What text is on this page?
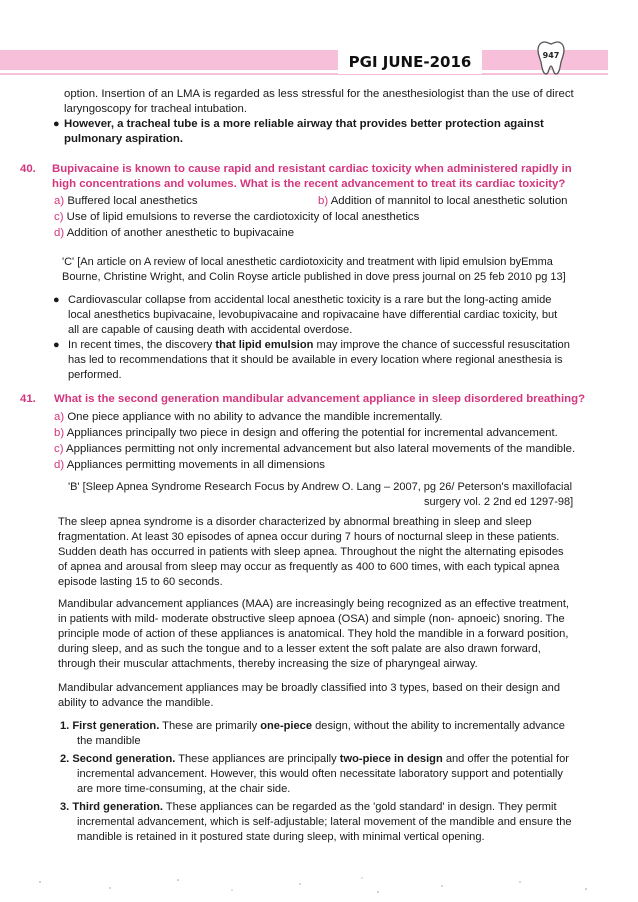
PGI JUNE-2016	947
option. Insertion of an LMA is regarded as less stressful for the anesthesiologist than the use of direct
laryngoscopy for tracheal intubation.
● However, a tracheal tube is a more reliable airway that provides better protection against
pulmonary aspiration.
40. Bupivacaine is known to cause rapid and resistant cardiac toxicity when administered rapidly in
high concentrations and volumes. What is the recent advancement to treat its cardiac toxicity?
a) Buffered local anesthetics	b) Addition of mannitol to local anesthetic solution
c) Use of lipid emulsions to reverse the cardiotoxicity of local anesthetics
d) Addition of another anesthetic to bupivacaine
'C' [An article on A review of local anesthetic cardiotoxicity and treatment with lipid emulsion byEmma
Bourne, Christine Wright, and Colin Royse article published in dove press journal on 25 feb 2010 pg 13]
● Cardiovascular collapse from accidental local anesthetic toxicity is a rare but the long-acting amide
local anesthetics bupivacaine, levobupivacaine and ropivacaine have differential cardiac toxicity, but
all are capable of causing death with accidental overdose.
● In recent times, the discovery that lipid emulsion may improve the chance of successful resuscitation
has led to recommendations that it should be available in every location where regional anesthesia is
performed.
41. What is the second generation mandibular advancement appliance in sleep disordered breathing?
a) One piece appliance with no ability to advance the mandible incrementally.
b) Appliances principally two piece in design and offering the potential for incremental advancement.
c) Appliances permitting not only incremental advancement but also lateral movements of the mandible.
d) Appliances permitting movements in all dimensions
'B' [Sleep Apnea Syndrome Research Focus by Andrew O. Lang – 2007, pg 26/ Peterson's maxillofacial
surgery vol. 2 2nd ed 1297-98]
The sleep apnea syndrome is a disorder characterized by abnormal breathing in sleep and sleep
fragmentation. At least 30 episodes of apnea occur during 7 hours of nocturnal sleep in these patients.
Sudden death has occurred in patients with sleep apnea. Throughout the night the alternating episodes
of apnea and arousal from sleep may occur as frequently as 400 to 600 times, with each typical apnea
episode lasting 15 to 60 seconds.
Mandibular advancement appliances (MAA) are increasingly being recognized as an effective treatment,
in patients with mild- moderate obstructive sleep apnoea (OSA) and simple (non- apnoeic) snoring. The
principle mode of action of these appliances is anatomical. They hold the mandible in a forward position,
during sleep, and as such the tongue and to a lesser extent the soft palate are also drawn forward,
through their muscular attachments, thereby increasing the size of pharyngeal airway.
Mandibular advancement appliances may be broadly classified into 3 types, based on their design and
ability to advance the mandible.
1. First generation. These are primarily one-piece design, without the ability to incrementally advance
the mandible
2. Second generation. These appliances are principally two-piece in design and offer the potential for
incremental advancement. However, this would often necessitate laboratory support and potentially
are more time-consuming, at the chair side.
3. Third generation. These appliances can be regarded as the 'gold standard' in design. They permit
incremental advancement, which is self-adjustable; lateral movement of the mandible and ensure the
mandible is retained in it postured state during sleep, with minimal vertical opening.
